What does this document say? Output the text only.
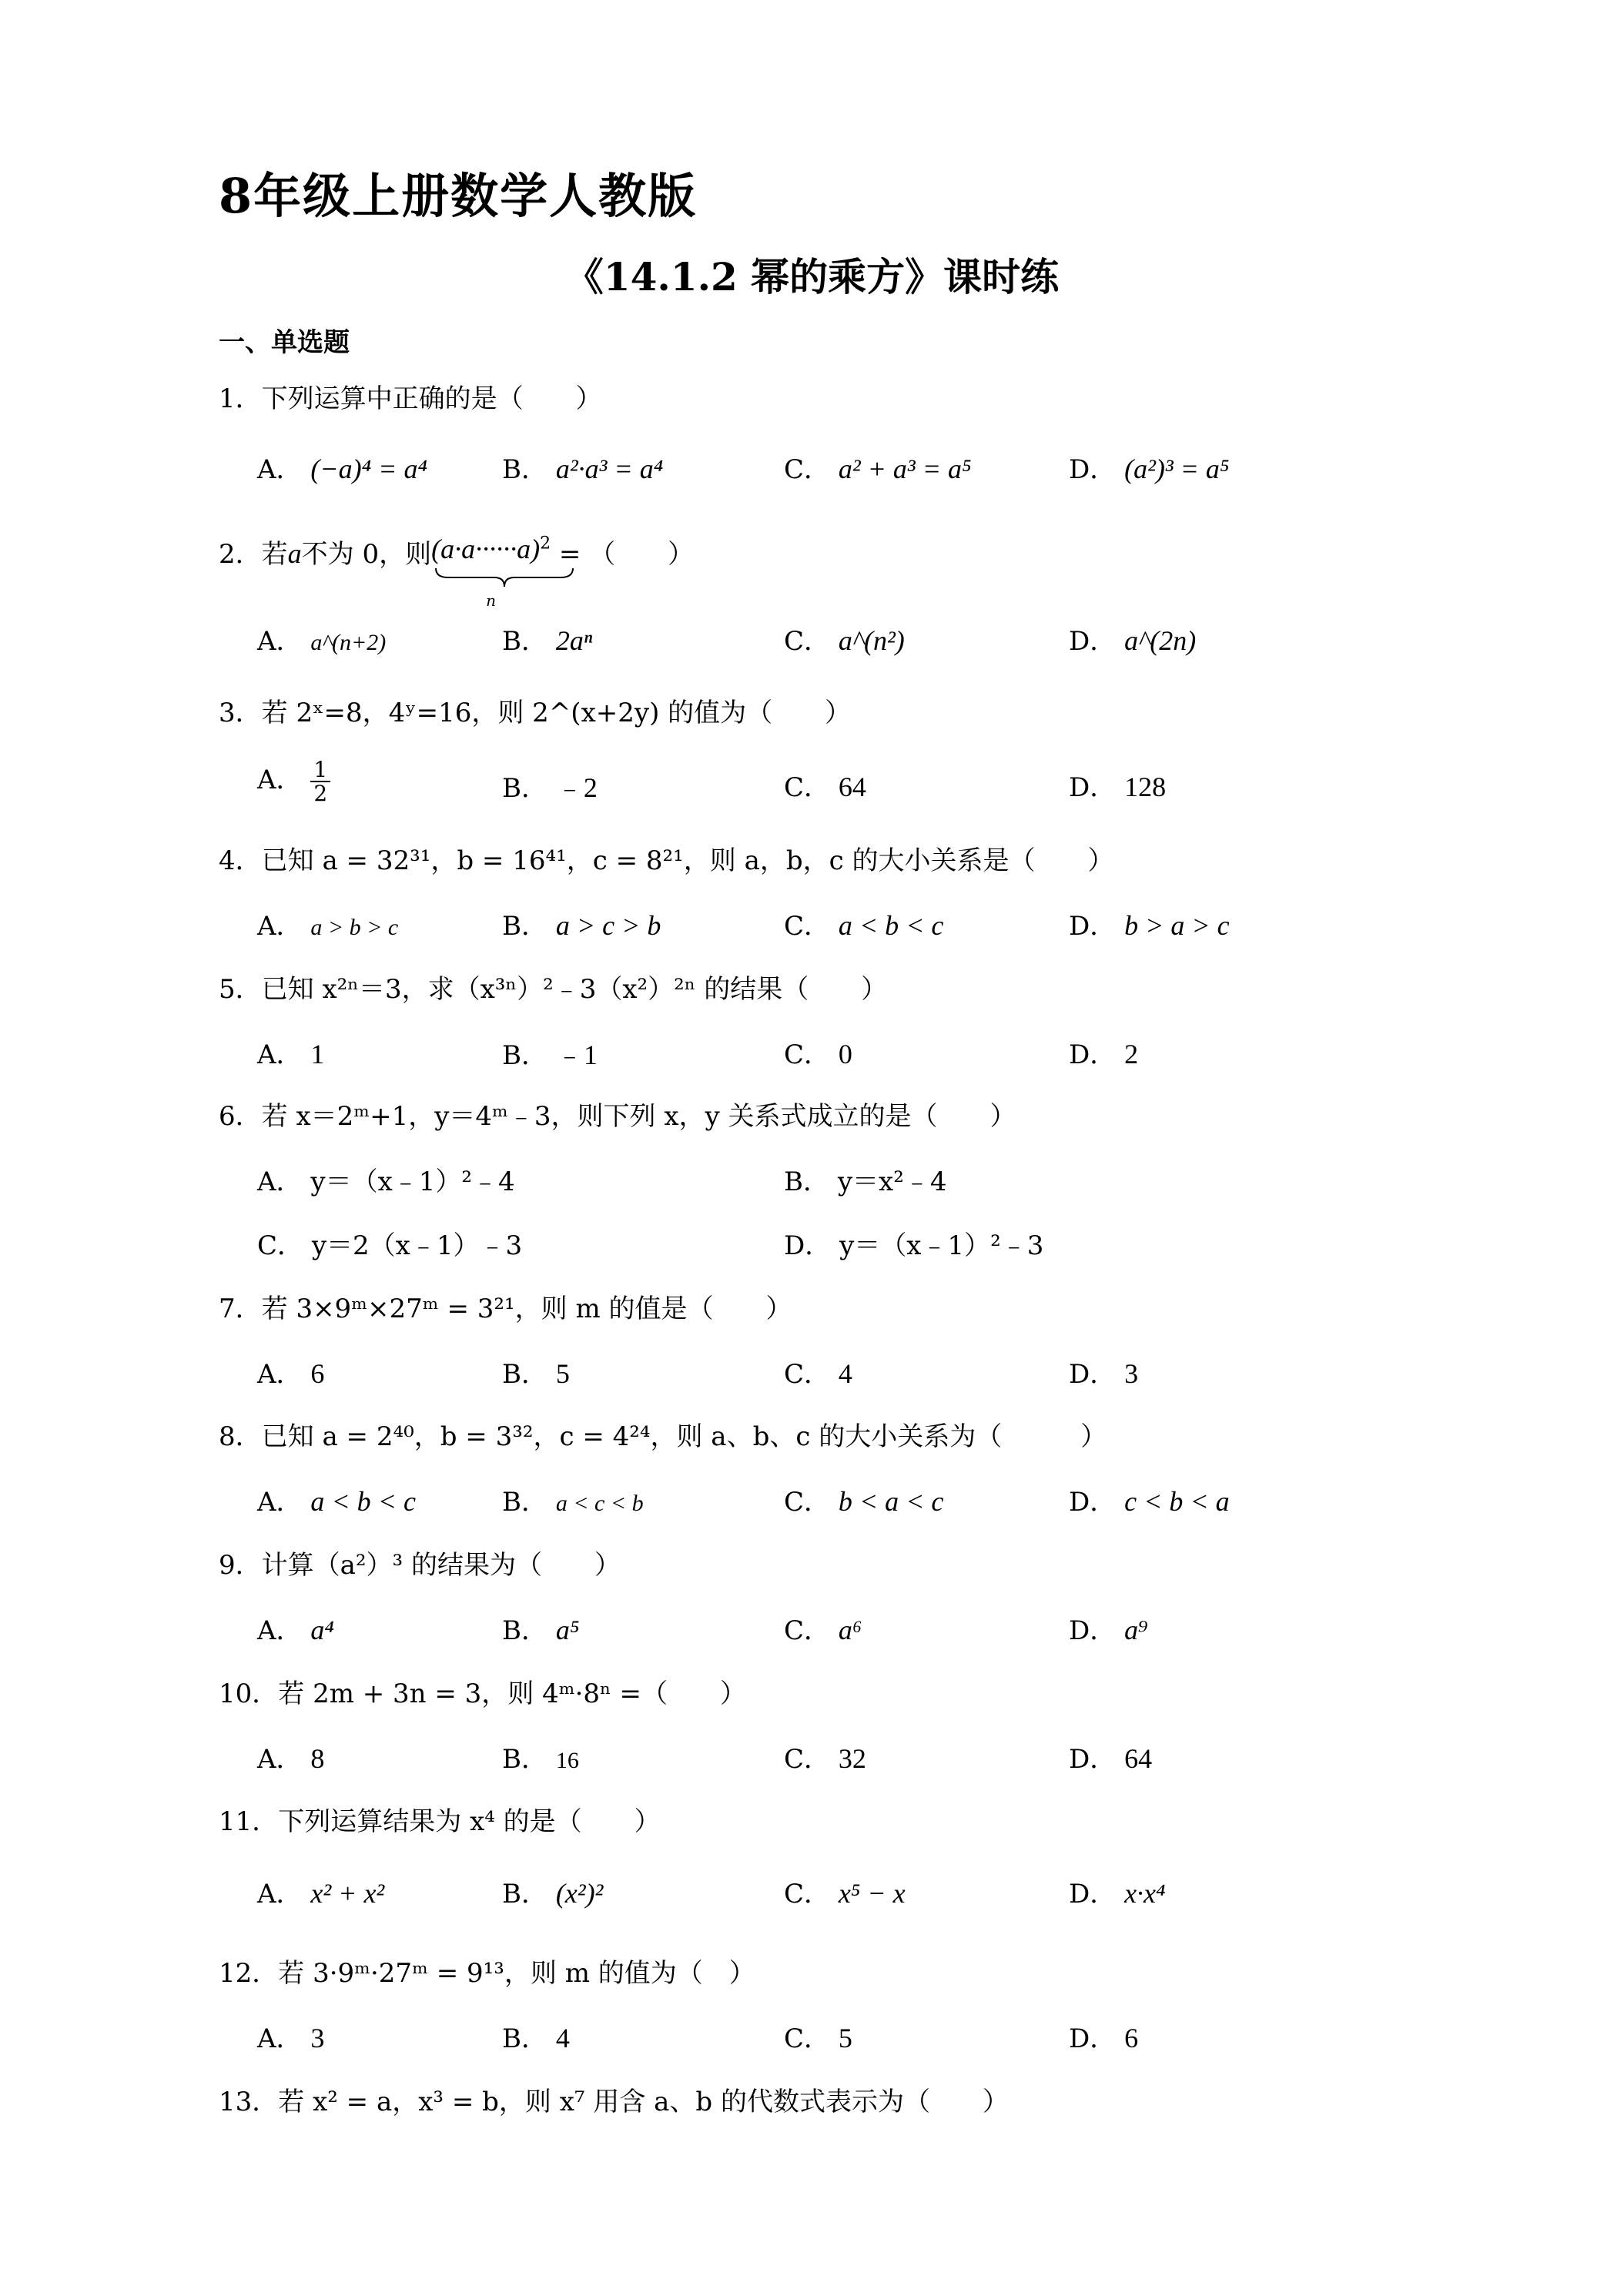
8年级上册数学人教版
《14.1.2 幂的乘方》课时练
一、单选题
1．下列运算中正确的是（　　）
A． (−a)⁴ = a⁴	B． a²·a³ = a⁴	C． a² + a³ = a⁵	D． (a²)³ = a⁵
2．若a不为 0，则$(a\cdot a\cdot\cdot\cdot\cdot\cdot\cdot a)^2$
n
= （　　）
A． a^(n+2)	B． 2aⁿ	C． a^(n²)	D． a^(2n)
3．若 2ˣ=8，4ʸ=16，则 2^(x+2y) 的值为（　　）
A． $\frac{1}{2}$	B． ﹣2	C． 64	D． 128
4．已知 a = 32³¹，b = 16⁴¹，c = 8²¹，则 a，b，c 的大小关系是（　　）
A． a > b > c	B． a > c > b	C． a < b < c	D． b > a > c
5．已知 x²ⁿ＝3，求（x³ⁿ）²﹣3（x²）²ⁿ 的结果（　　）
A． 1	B． ﹣1	C． 0	D． 2
6．若 x＝2ᵐ+1，y＝4ᵐ﹣3，则下列 x，y 关系式成立的是（　　）
A． y＝（x﹣1）²﹣4	B． y＝x²﹣4
C． y＝2（x﹣1）﹣3	D． y＝（x﹣1）²﹣3
7．若 3×9ᵐ×27ᵐ = 3²¹，则 m 的值是（　　）
A． 6	B． 5	C． 4	D． 3
8．已知 a = 2⁴⁰，b = 3³²，c = 4²⁴，则 a、b、c 的大小关系为（　　　）
A． a < b < c	B． a < c < b	C． b < a < c	D． c < b < a
9．计算（a²）³ 的结果为（　　）
A． a⁴	B． a⁵	C． a⁶	D． a⁹
10．若 2m + 3n = 3，则 4ᵐ·8ⁿ =（　　）
A． 8	B． 16	C． 32	D． 64
11．下列运算结果为 x⁴ 的是（　　）
A． x² + x²	B． (x²)²	C． x⁵ − x	D． x·x⁴
12．若 3·9ᵐ·27ᵐ = 9¹³，则 m 的值为（　）
A． 3	B． 4	C． 5	D． 6
13．若 x² = a，x³ = b，则 x⁷ 用含 a、b 的代数式表示为（　　）
